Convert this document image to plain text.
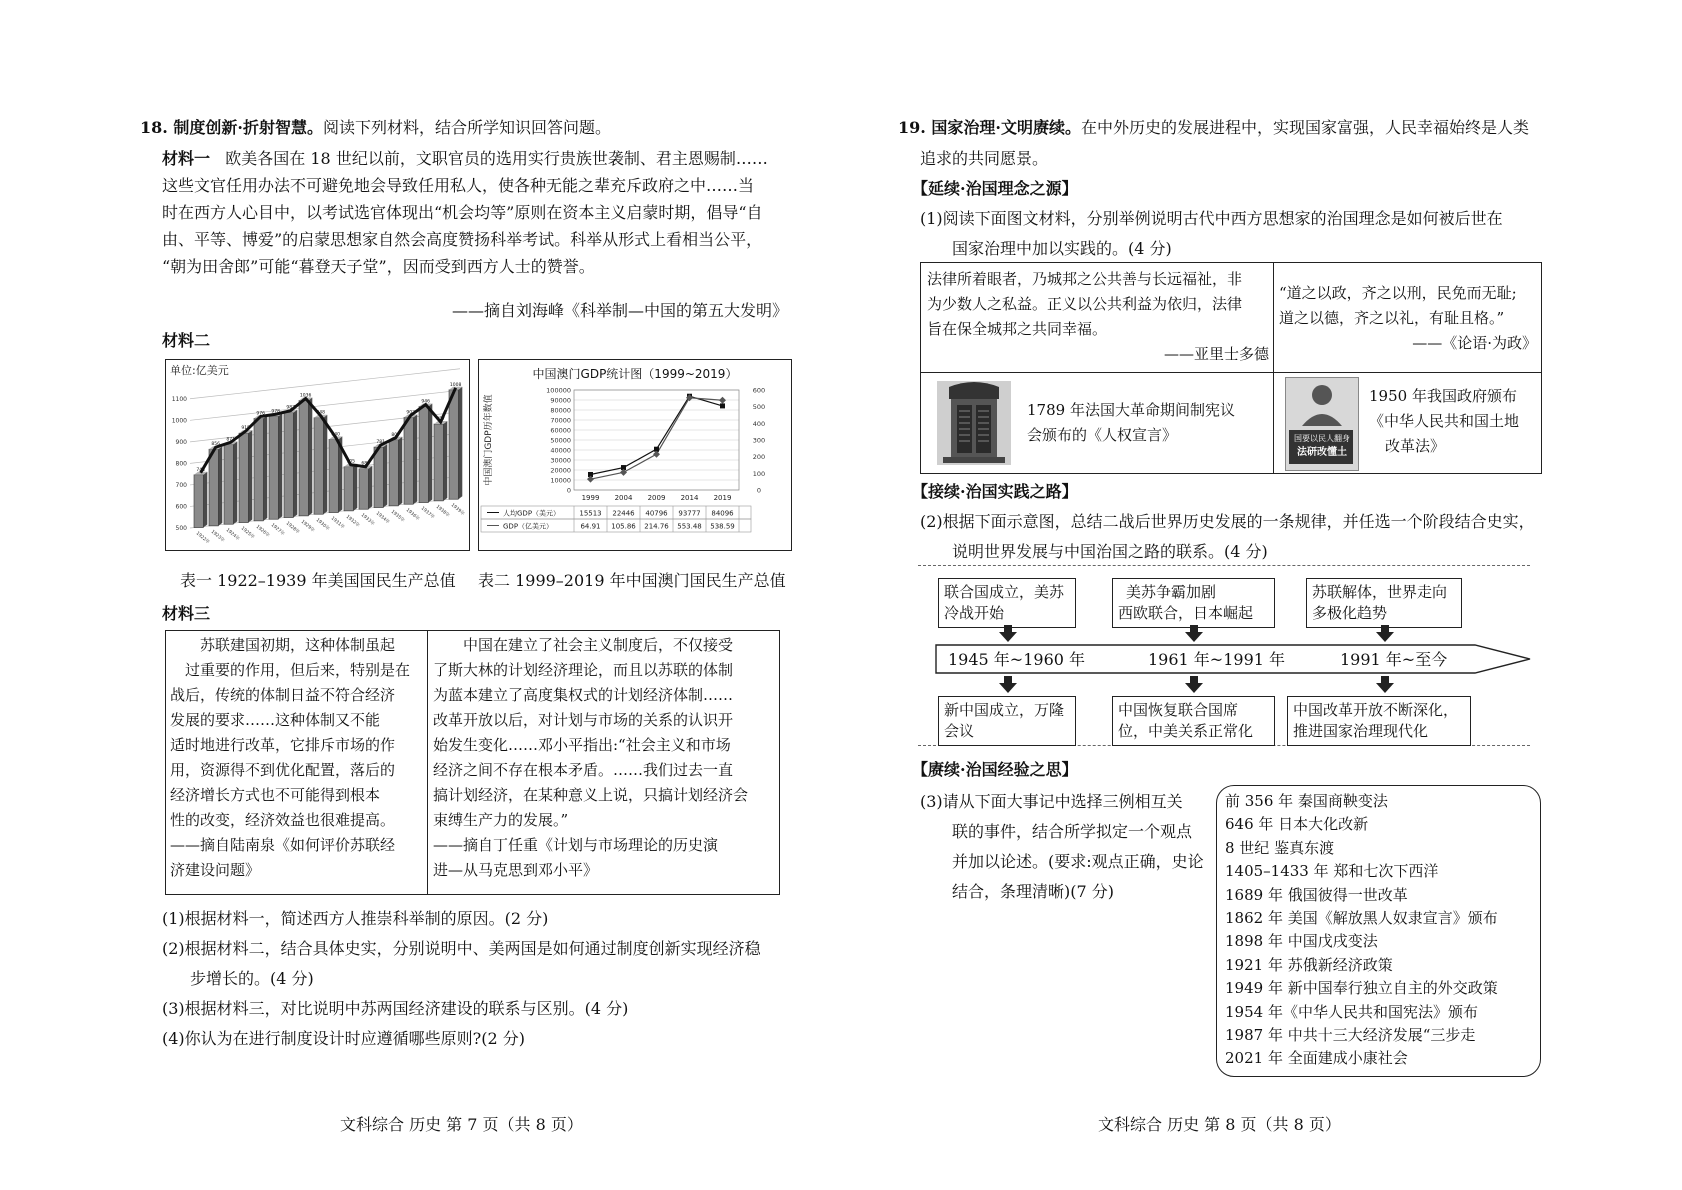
18. 制度创新·折射智慧。阅读下列材料，结合所学知识回答问题。
材料一 欧美各国在 18 世纪以前，文职官员的选用实行贵族世袭制、君主恩赐制……
这些文官任用办法不可避免地会导致任用私人，使各种无能之辈充斥政府之中……当
时在西方人心目中，以考试选官体现出“机会均等”原则在资本主义启蒙时期，倡导“自
由、平等、博爱”的启蒙思想家自然会高度赞扬科举考试。科举从形式上看相当公平，
“朝为田舍郎”可能“暮登天子堂”，因而受到西方人士的赞誉。
——摘自刘海峰《科举制—中国的第五大发明》
材料二
单位:亿美元
1100
1000
900
800
700
600
500
1922年 1923年 1924年 1925年 1926年 1927年 1928年 1929年 1930年 1931年 1932年 1933年 1934年 1935年 1936年 1937年 1938年 1939年
745
856
871
915
976 978
987
1036
948
840
705 688
781
807
903
946
857
1008
中国澳门GDP统计图（1999~2019）
中国澳门GDP历年数值
100000
90000
80000
70000
60000
50000
40000
30000
20000
10000
0
600
500
400
300
200
100
0
1999 2004 2009 2014 2019
人均GDP（美元）	15513 22446 40796 93777 84096
GDP（亿美元）	64.91 105.86 214.76 553.48 538.59
表一 1922–1939 年美国国民生产总值 表二 1999–2019 年中国澳门国民生产总值
材料三
苏联建国初期，这种体制虽起
过重要的作用，但后来，特别是在
战后，传统的体制日益不符合经济
发展的要求……这种体制又不能
适时地进行改革，它排斥市场的作
用，资源得不到优化配置，落后的
经济增长方式也不可能得到根本
性的改变，经济效益也很难提高。
——摘自陆南泉《如何评价苏联经
济建设问题》
中国在建立了社会主义制度后，不仅接受
了斯大林的计划经济理论，而且以苏联的体制
为蓝本建立了高度集权式的计划经济体制……
改革开放以后，对计划与市场的关系的认识开
始发生变化……邓小平指出:“社会主义和市场
经济之间不存在根本矛盾。……我们过去一直
搞计划经济，在某种意义上说，只搞计划经济会
束缚生产力的发展。”
——摘自丁任重《计划与市场理论的历史演
进—从马克思到邓小平》
(1)根据材料一，简述西方人推崇科举制的原因。(2 分)
(2)根据材料二，结合具体史实，分别说明中、美两国是如何通过制度创新实现经济稳
步增长的。(4 分)
(3)根据材料三，对比说明中苏两国经济建设的联系与区别。(4 分)
(4)你认为在进行制度设计时应遵循哪些原则?(2 分)
文科综合 历史 第 7 页（共 8 页）
19. 国家治理·文明赓续。在中外历史的发展进程中，实现国家富强，人民幸福始终是人类
追求的共同愿景。
【延续·治国理念之源】
(1)阅读下面图文材料，分别举例说明古代中西方思想家的治国理念是如何被后世在
国家治理中加以实践的。(4 分)
法律所着眼者，乃城邦之公共善与长远福祉，非
为少数人之私益。正义以公共利益为依归，法律
旨在保全城邦之共同幸福。
——亚里士多德
“道之以政，齐之以刑，民免而无耻;
道之以德，齐之以礼，有耻且格。”
——《论语·为政》
1789 年法国大革命期间制宪议
会颁布的《人权宣言》	国要以民人翻身
法研改懂土
1950 年我国政府颁布
《中华人民共和国土地
改革法》
【接续·治国实践之路】
(2)根据下面示意图，总结二战后世界历史发展的一条规律，并任选一个阶段结合史实，
说明世界发展与中国治国之路的联系。(4 分)
联合国成立，美苏
冷战开始
美苏争霸加剧
西欧联合，日本崛起
苏联解体，世界走向
多极化趋势
1945 年~1960 年	1961 年~1991 年	1991 年~至今
新中国成立，万隆
会议
中国恢复联合国席
位，中美关系正常化
中国改革开放不断深化，
推进国家治理现代化
【赓续·治国经验之思】
(3)请从下面大事记中选择三例相互关
联的事件，结合所学拟定一个观点
并加以论述。(要求:观点正确，史论
结合，条理清晰)(7 分)
前 356 年 秦国商鞅变法
646 年 日本大化改新
8 世纪 鉴真东渡
1405–1433 年 郑和七次下西洋
1689 年 俄国彼得一世改革
1862 年 美国《解放黑人奴隶宣言》颁布
1898 年 中国戊戌变法
1921 年 苏俄新经济政策
1949 年 新中国奉行独立自主的外交政策
1954 年《中华人民共和国宪法》颁布
1987 年 中共十三大经济发展“三步走
2021 年 全面建成小康社会
文科综合 历史 第 8 页（共 8 页）
